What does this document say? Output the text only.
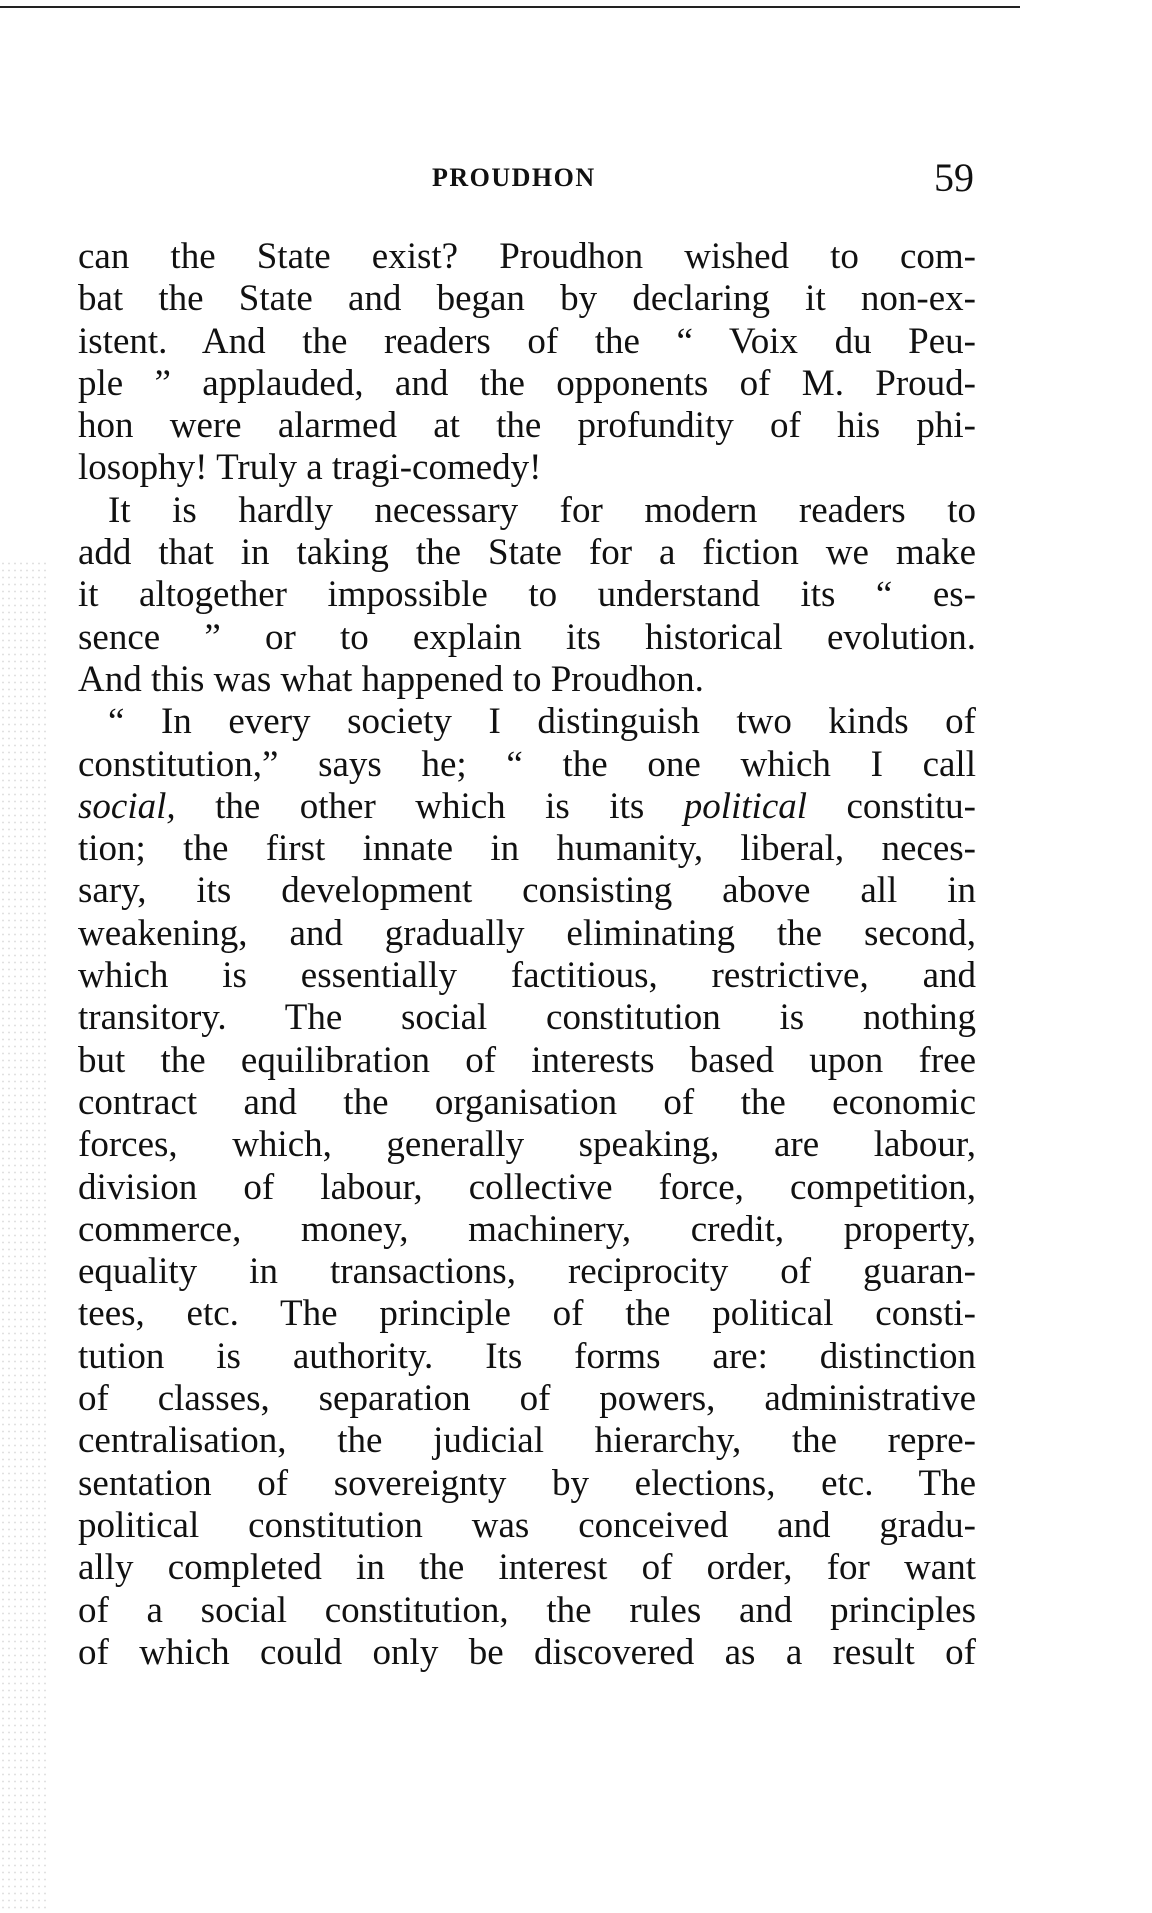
PROUDHON	59
can the State exist? Proudhon wished to com-
bat the State and began by declaring it non-ex-
istent. And the readers of the “ Voix du Peu-
ple ” applauded, and the opponents of M. Proud-
hon were alarmed at the profundity of his phi-
losophy! Truly a tragi-comedy!
It is hardly necessary for modern readers to
add that in taking the State for a fiction we make
it altogether impossible to understand its “ es-
sence ” or to explain its historical evolution.
And this was what happened to Proudhon.
“ In every society I distinguish two kinds of
constitution,” says he; “ the one which I call
social, the other which is its political constitu-
tion; the first innate in humanity, liberal, neces-
sary, its development consisting above all in
weakening, and gradually eliminating the second,
which is essentially factitious, restrictive, and
transitory. The social constitution is nothing
but the equilibration of interests based upon free
contract and the organisation of the economic
forces, which, generally speaking, are labour,
division of labour, collective force, competition,
commerce, money, machinery, credit, property,
equality in transactions, reciprocity of guaran-
tees, etc. The principle of the political consti-
tution is authority. Its forms are: distinction
of classes, separation of powers, administrative
centralisation, the judicial hierarchy, the repre-
sentation of sovereignty by elections, etc. The
political constitution was conceived and gradu-
ally completed in the interest of order, for want
of a social constitution, the rules and principles
of which could only be discovered as a result of
